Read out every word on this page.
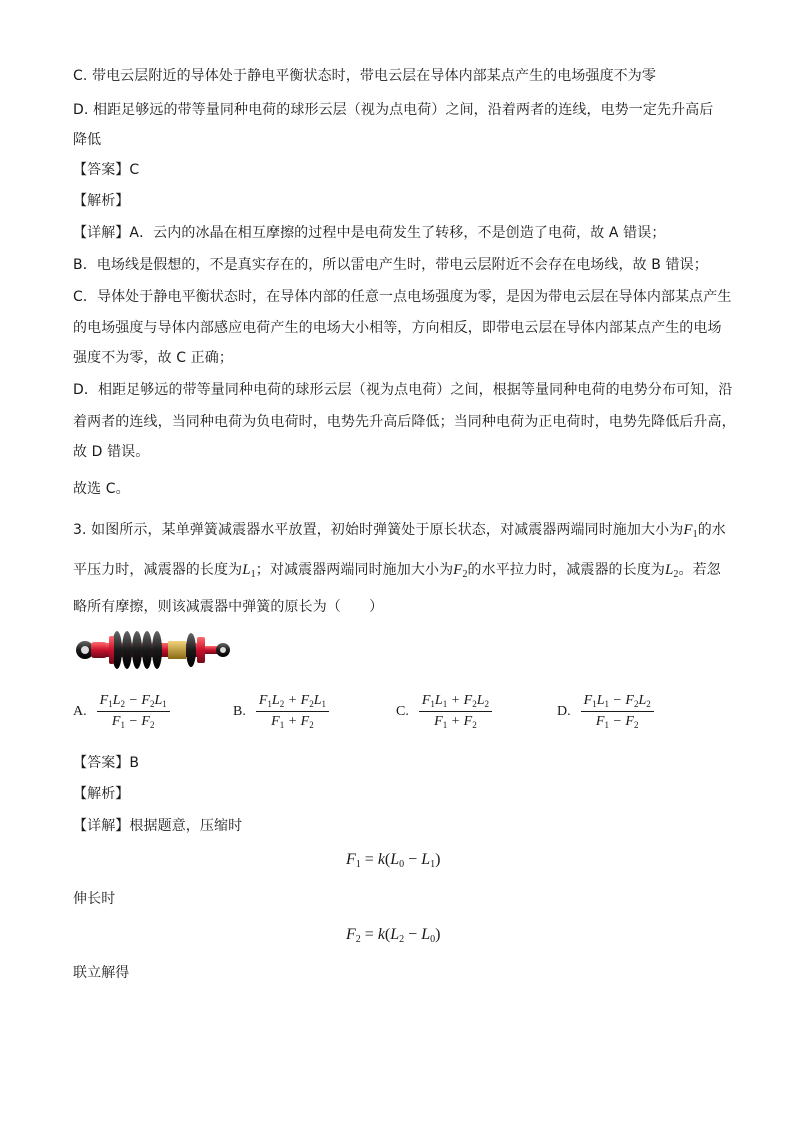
C. 带电云层附近的导体处于静电平衡状态时，带电云层在导体内部某点产生的电场强度不为零
D. 相距足够远的带等量同种电荷的球形云层（视为点电荷）之间，沿着两者的连线，电势一定先升高后
降低
【答案】C
【解析】
【详解】A．云内的冰晶在相互摩擦的过程中是电荷发生了转移，不是创造了电荷，故 A 错误；
B．电场线是假想的，不是真实存在的，所以雷电产生时，带电云层附近不会存在电场线，故 B 错误；
C．导体处于静电平衡状态时，在导体内部的任意一点电场强度为零，是因为带电云层在导体内部某点产生
的电场强度与导体内部感应电荷产生的电场大小相等，方向相反，即带电云层在导体内部某点产生的电场
强度不为零，故 C 正确；
D．相距足够远的带等量同种电荷的球形云层（视为点电荷）之间，根据等量同种电荷的电势分布可知，沿
着两者的连线，当同种电荷为负电荷时，电势先升高后降低；当同种电荷为正电荷时，电势先降低后升高，
故 D 错误。
故选 C。
3. 如图所示，某单弹簧减震器水平放置，初始时弹簧处于原长状态，对减震器两端同时施加大小为$F_1$的水
平压力时，减震器的长度为$L_1$；对减震器两端同时施加大小为$F_2$的水平拉力时，减震器的长度为$L_2$。若忽
略所有摩擦，则该减震器中弹簧的原长为（　　）
A. $\frac{F_1L_2 - F_2L_1}{F_1 - F_2}$	B. $\frac{F_1L_2 + F_2L_1}{F_1 + F_2}$	C. $\frac{F_1L_1 + F_2L_2}{F_1 + F_2}$	D. $\frac{F_1L_1 - F_2L_2}{F_1 - F_2}$
【答案】B
【解析】
【详解】根据题意，压缩时
$F_1 = k(L_0 - L_1)$
伸长时
$F_2 = k(L_2 - L_0)$
联立解得
